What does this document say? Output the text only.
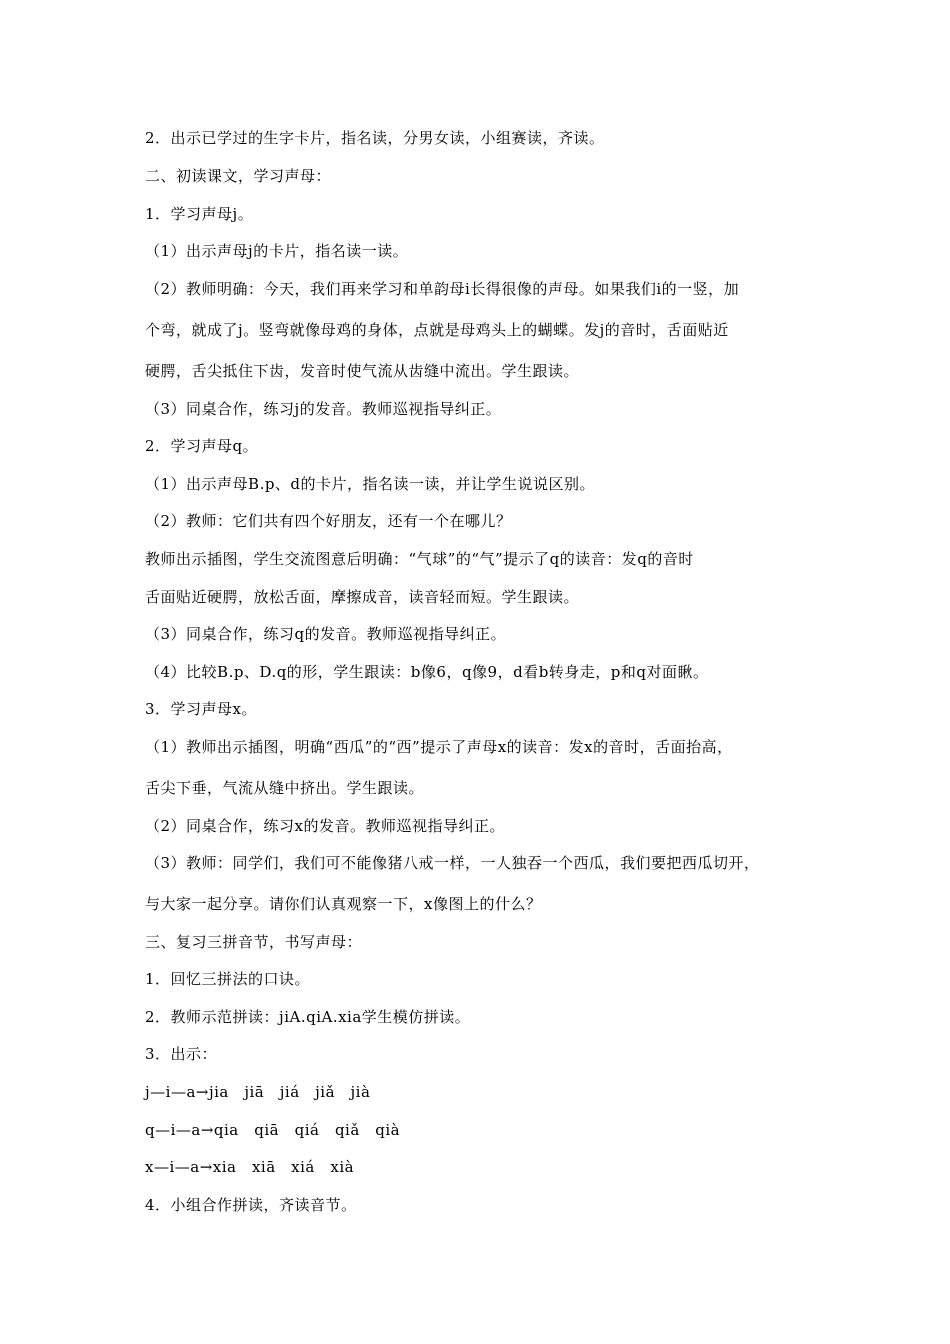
2．出示已学过的生字卡片，指名读，分男女读，小组赛读，齐读。
二、初读课文，学习声母：
1．学习声母j。
（1）出示声母j的卡片，指名读一读。
（2）教师明确：今天，我们再来学习和单韵母i长得很像的声母。如果我们i的一竖，加
个弯，就成了j。竖弯就像母鸡的身体，点就是母鸡头上的蝴蝶。发j的音时，舌面贴近
硬腭，舌尖抵住下齿，发音时使气流从齿缝中流出。学生跟读。
（3）同桌合作，练习j的发音。教师巡视指导纠正。
2．学习声母q。
（1）出示声母B.p、d的卡片，指名读一读，并让学生说说区别。
（2）教师：它们共有四个好朋友，还有一个在哪儿？
教师出示插图，学生交流图意后明确：“气球”的“气”提示了q的读音：发q的音时
舌面贴近硬腭，放松舌面，摩擦成音，读音轻而短。学生跟读。
（3）同桌合作，练习q的发音。教师巡视指导纠正。
（4）比较B.p、D.q的形，学生跟读：b像6，q像9，d看b转身走，p和q对面瞅。
3．学习声母x。
（1）教师出示插图，明确“西瓜”的“西”提示了声母x的读音：发x的音时，舌面抬高，
舌尖下垂，气流从缝中挤出。学生跟读。
（2）同桌合作，练习x的发音。教师巡视指导纠正。
（3）教师：同学们，我们可不能像猪八戒一样，一人独吞一个西瓜，我们要把西瓜切开，
与大家一起分享。请你们认真观察一下，x像图上的什么？
三、复习三拼音节，书写声母：
1．回忆三拼法的口诀。
2．教师示范拼读：jiA.qiA.xia学生模仿拼读。
3．出示：
j—i—a→jia　jiā　jiá　jiǎ　jià
q—i—a→qia　qiā　qiá　qiǎ　qià
x—i—a→xia　xiā　xiá　xià
4．小组合作拼读，齐读音节。
